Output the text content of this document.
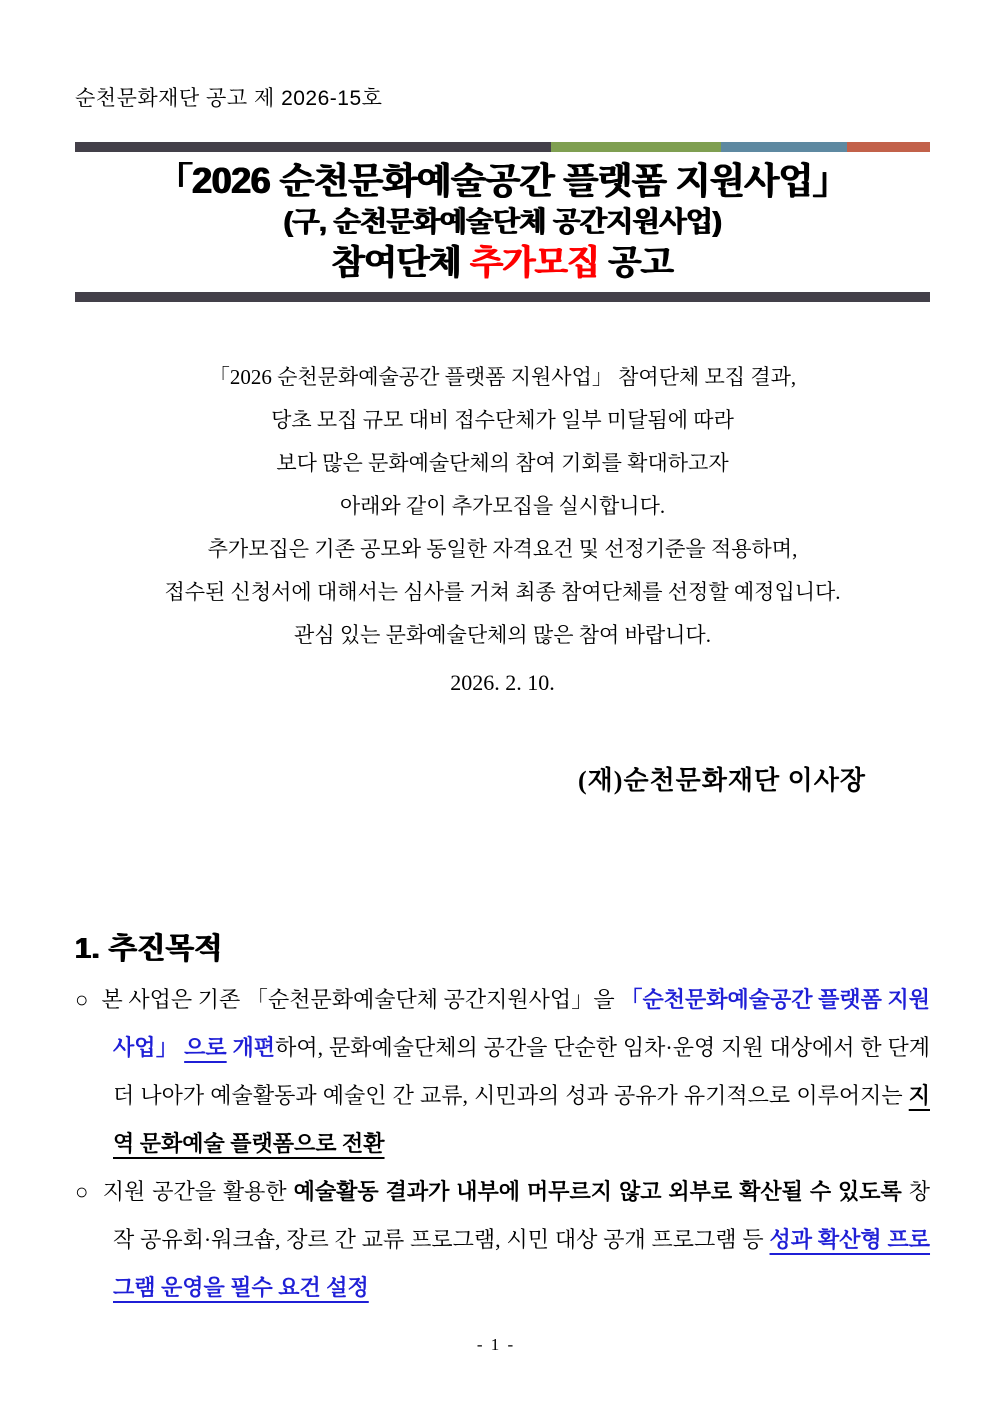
순천문화재단 공고 제 2026-15호
「2026 순천문화예술공간 플랫폼 지원사업」
(구, 순천문화예술단체 공간지원사업)
참여단체 추가모집 공고
「2026 순천문화예술공간 플랫폼 지원사업」 참여단체 모집 결과,
당초 모집 규모 대비 접수단체가 일부 미달됨에 따라
보다 많은 문화예술단체의 참여 기회를 확대하고자
아래와 같이 추가모집을 실시합니다.
추가모집은 기존 공모와 동일한 자격요건 및 선정기준을 적용하며,
접수된 신청서에 대해서는 심사를 거쳐 최종 참여단체를 선정할 예정입니다.
관심 있는 문화예술단체의 많은 참여 바랍니다.
2026. 2. 10.
(재)순천문화재단 이사장
1. 추진목적
○ 본 사업은 기존 「순천문화예술단체 공간지원사업」을 「순천문화예술공간 플랫폼 지원사업」 으로 개편하여, 문화예술단체의 공간을 단순한 임차·운영 지원 대상에서 한 단계 더 나아가 예술활동과 예술인 간 교류, 시민과의 성과 공유가 유기적으로 이루어지는 지역 문화예술 플랫폼으로 전환
○ 지원 공간을 활용한 예술활동 결과가 내부에 머무르지 않고 외부로 확산될 수 있도록 창작 공유회·워크숍, 장르 간 교류 프로그램, 시민 대상 공개 프로그램 등 성과 확산형 프로그램 운영을 필수 요건 설정
- 1 -
